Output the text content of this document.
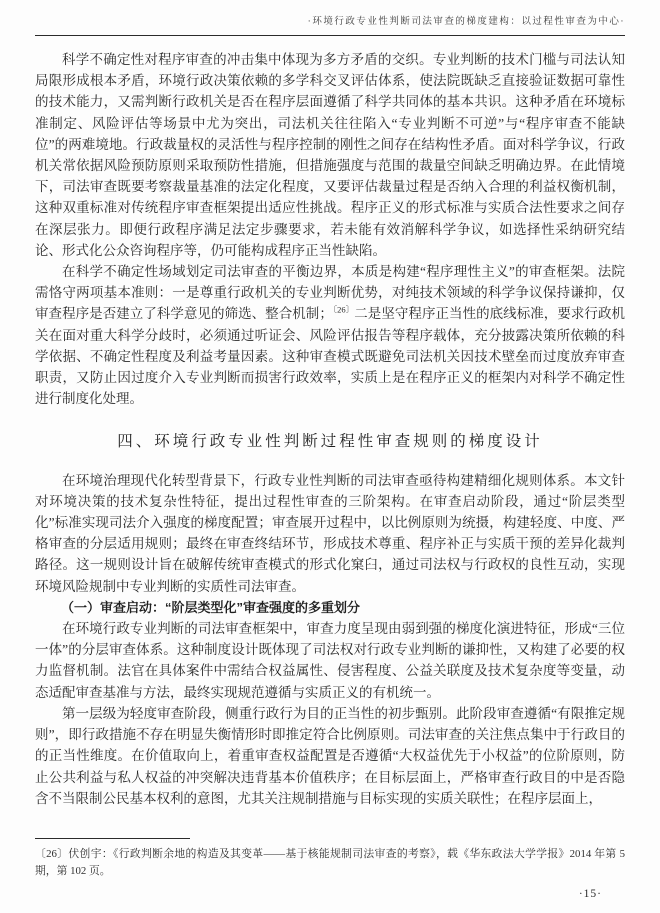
·环境行政专业性判断司法审查的梯度建构：以过程性审查为中心·

科学不确定性对程序审查的冲击集中体现为多方矛盾的交织。专业判断的技术门槛与司法认知局限形成根本矛盾，环境行政决策依赖的多学科交叉评估体系，使法院既缺乏直接验证数据可靠性的技术能力，又需判断行政机关是否在程序层面遵循了科学共同体的基本共识。这种矛盾在环境标准制定、风险评估等场景中尤为突出，司法机关往往陷入“专业判断不可逆”与“程序审查不能缺位”的两难境地。行政裁量权的灵活性与程序控制的刚性之间存在结构性矛盾。面对科学争议，行政机关常依据风险预防原则采取预防性措施，但措施强度与范围的裁量空间缺乏明确边界。在此情境下，司法审查既要考察裁量基准的法定化程度，又要评估裁量过程是否纳入合理的利益权衡机制，这种双重标准对传统程序审查框架提出适应性挑战。程序正义的形式标准与实质合法性要求之间存在深层张力。即便行政程序满足法定步骤要求，若未能有效消解科学争议，如选择性采纳研究结论、形式化公众咨询程序等，仍可能构成程序正当性缺陷。

在科学不确定性场域划定司法审查的平衡边界，本质是构建“程序理性主义”的审查框架。法院需恪守两项基本准则：一是尊重行政机关的专业判断优势，对纯技术领域的科学争议保持谦抑，仅审查程序是否建立了科学意见的筛选、整合机制；$^{〔26〕}$二是坚守程序正当性的底线标准，要求行政机关在面对重大科学分歧时，必须通过听证会、风险评估报告等程序载体，充分披露决策所依赖的科学依据、不确定性程度及利益考量因素。这种审查模式既避免司法机关因技术壁垒而过度放弃审查职责，又防止因过度介入专业判断而损害行政效率，实质上是在程序正义的框架内对科学不确定性进行制度化处理。

四、环境行政专业性判断过程性审查规则的梯度设计

在环境治理现代化转型背景下，行政专业性判断的司法审查亟待构建精细化规则体系。本文针对环境决策的技术复杂性特征，提出过程性审查的三阶架构。在审查启动阶段，通过“阶层类型化”标准实现司法介入强度的梯度配置；审查展开过程中，以比例原则为统摄，构建轻度、中度、严格审查的分层适用规则；最终在审查终结环节，形成技术尊重、程序补正与实质干预的差异化裁判路径。这一规则设计旨在破解传统审查模式的形式化窠臼，通过司法权与行政权的良性互动，实现环境风险规制中专业判断的实质性司法审查。

（一）审查启动：“阶层类型化”审查强度的多重划分

在环境行政专业判断的司法审查框架中，审查力度呈现由弱到强的梯度化演进特征，形成“三位一体”的分层审查体系。这种制度设计既体现了司法权对行政专业判断的谦抑性，又构建了必要的权力监督机制。法官在具体案件中需结合权益属性、侵害程度、公益关联度及技术复杂度等变量，动态适配审查基准与方法，最终实现规范遵循与实质正义的有机统一。

第一层级为轻度审查阶段，侧重行政行为目的正当性的初步甄别。此阶段审查遵循“有限推定规则”，即行政措施不存在明显失衡情形时即推定符合比例原则。司法审查的关注焦点集中于行政目的的正当性维度。在价值取向上，着重审查权益配置是否遵循“大权益优先于小权益”的位阶原则，防止公共利益与私人权益的冲突解决违背基本价值秩序；在目标层面上，严格审查行政目的中是否隐含不当限制公民基本权利的意图，尤其关注规制措施与目标实现的实质关联性；在程序层面上，

〔26〕伏创宇：《行政判断余地的构造及其变革——基于核能规制司法审查的考察》，载《华东政法大学学报》2014 年第 5 期，第 102 页。
·15·
